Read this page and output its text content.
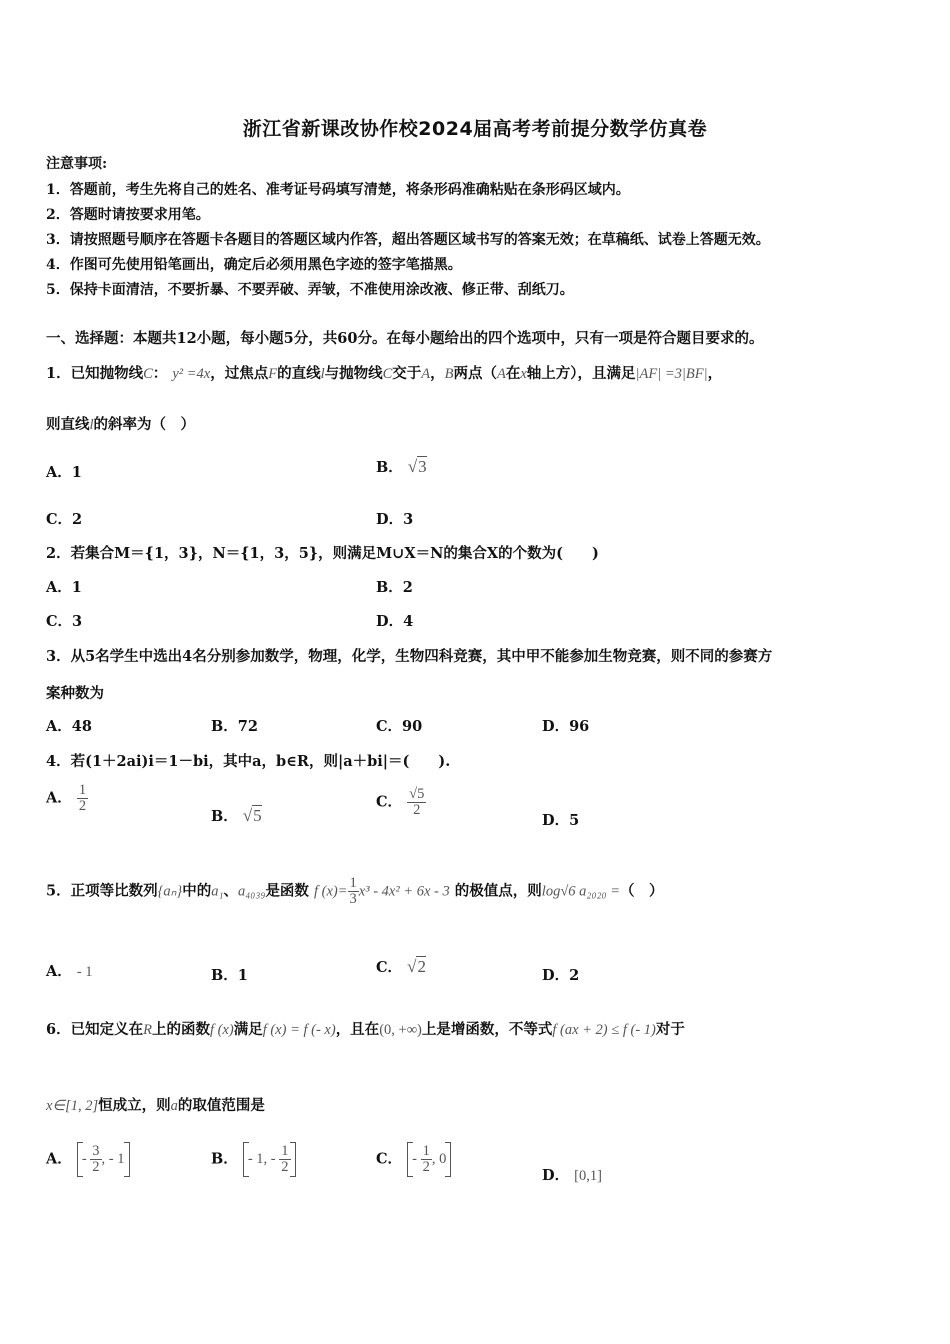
浙江省新课改协作校2024届高考考前提分数学仿真卷
注意事项:
1．答题前，考生先将自己的姓名、准考证号码填写清楚，将条形码准确粘贴在条形码区域内。
2．答题时请按要求用笔。
3．请按照题号顺序在答题卡各题目的答题区域内作答，超出答题区域书写的答案无效；在草稿纸、试卷上答题无效。
4．作图可先使用铅笔画出，确定后必须用黑色字迹的签字笔描黑。
5．保持卡面清洁，不要折暴、不要弄破、弄皱，不准使用涂改液、修正带、刮纸刀。
一、选择题：本题共12小题，每小题5分，共60分。在每小题给出的四个选项中，只有一项是符合题目要求的。
1．已知抛物线C： y² =4x，过焦点F的直线l与抛物线C交于A，B两点（A在x轴上方），且满足|AF| =3|BF|，
则直线l的斜率为（　）
A．1	B． √3
C．2	D．3
2．若集合M＝{1，3}，N＝{1，3，5}，则满足M∪X＝N的集合X的个数为(　　)
A．1	B．2
C．3	D．4
3．从5名学生中选出4名分别参加数学，物理，化学，生物四科竞赛，其中甲不能参加生物竞赛，则不同的参赛方
案种数为
A．48	B．72	C．90	D．96
4．若(1＋2ai)i＝1－bi，其中a，b∈R，则|a＋bi|＝(　　).
A． $\frac{1}{2}$
B． √5
C． $\frac{√5}{2}$
D．5
5．正项等比数列{aₙ}中的a₁、a₄₀₃₉是函数 f $(x)= \frac{1}{3} x^3 - 4x^2 + 6x - 3$ 的极值点，则log√6 a₂₀₂₀ =（　）
A． - 1	B．1	C． √2	D．2
6．已知定义在R上的函数f (x)满足f (x) = f (- x)，且在(0, +∞)上是增函数，不等式f (ax + 2) ≤ f (- 1)对于
x∈[1, 2]恒成立，则a的取值范围是
A． - $\frac{3}{2}$ , - 1	B． - 1, - $\frac{1}{2}$	C． - $\frac{1}{2}$ , 0
D． [0,1]
